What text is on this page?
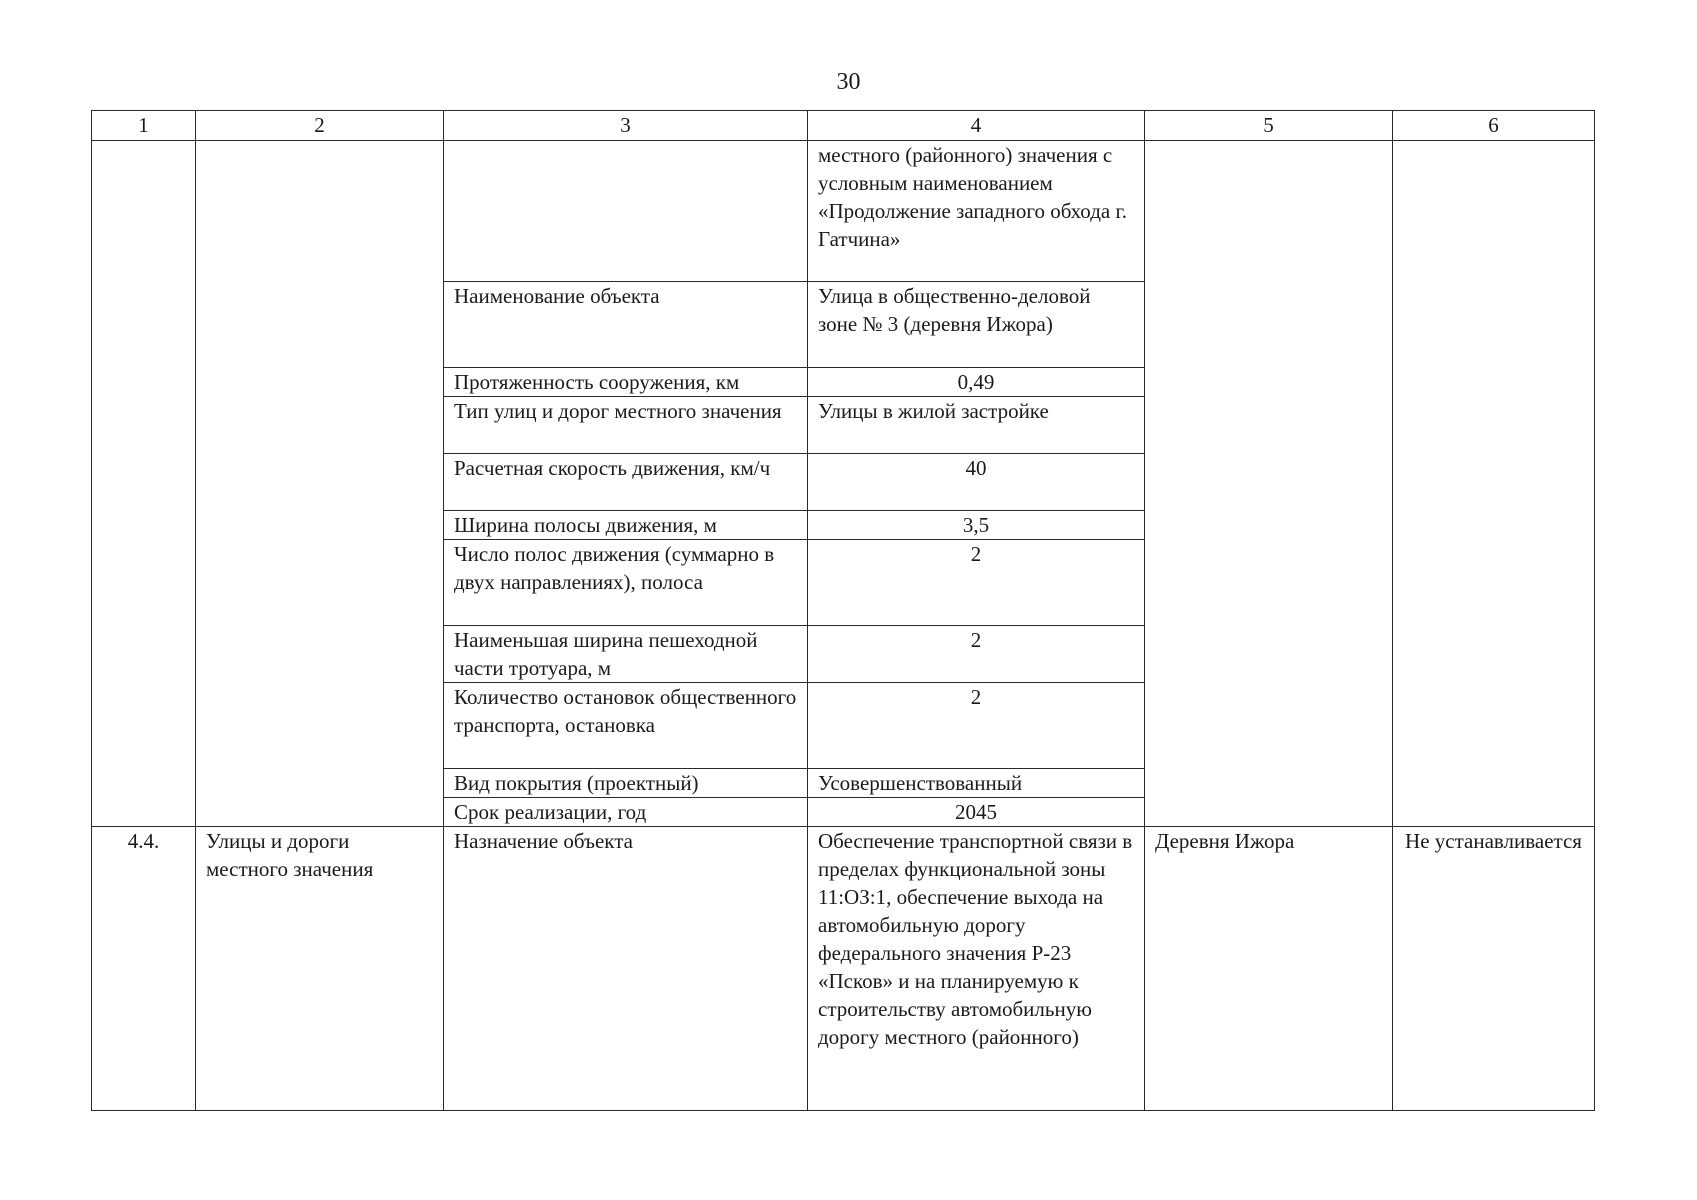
30
1	2	3	4	5	6
			местного (районного) значения с условным наименованием «Продолжение западного обхода г. Гатчина»		
		Наименование объекта	Улица в общественно-деловой зоне № 3 (деревня Ижора)		
		Протяженность сооружения, км	0,49		
		Тип улиц и дорог местного значения	Улицы в жилой застройке		
		Расчетная скорость движения, км/ч	40		
		Ширина полосы движения, м	3,5		
		Число полос движения (суммарно в двух направлениях), полоса	2		
		Наименьшая ширина пешеходной части тротуара, м	2		
		Количество остановок общественного транспорта, остановка	2		
		Вид покрытия (проектный)	Усовершенствованный		
		Срок реализации, год	2045		
4.4.	Улицы и дороги местного значения	Назначение объекта	Обеспечение транспортной связи в пределах функциональной зоны 11:ОЗ:1, обеспечение выхода на автомобильную дорогу федерального значения Р-23 «Псков» и на планируемую к строительству автомобильную дорогу местного (районного)	Деревня Ижора	Не устанавливается
